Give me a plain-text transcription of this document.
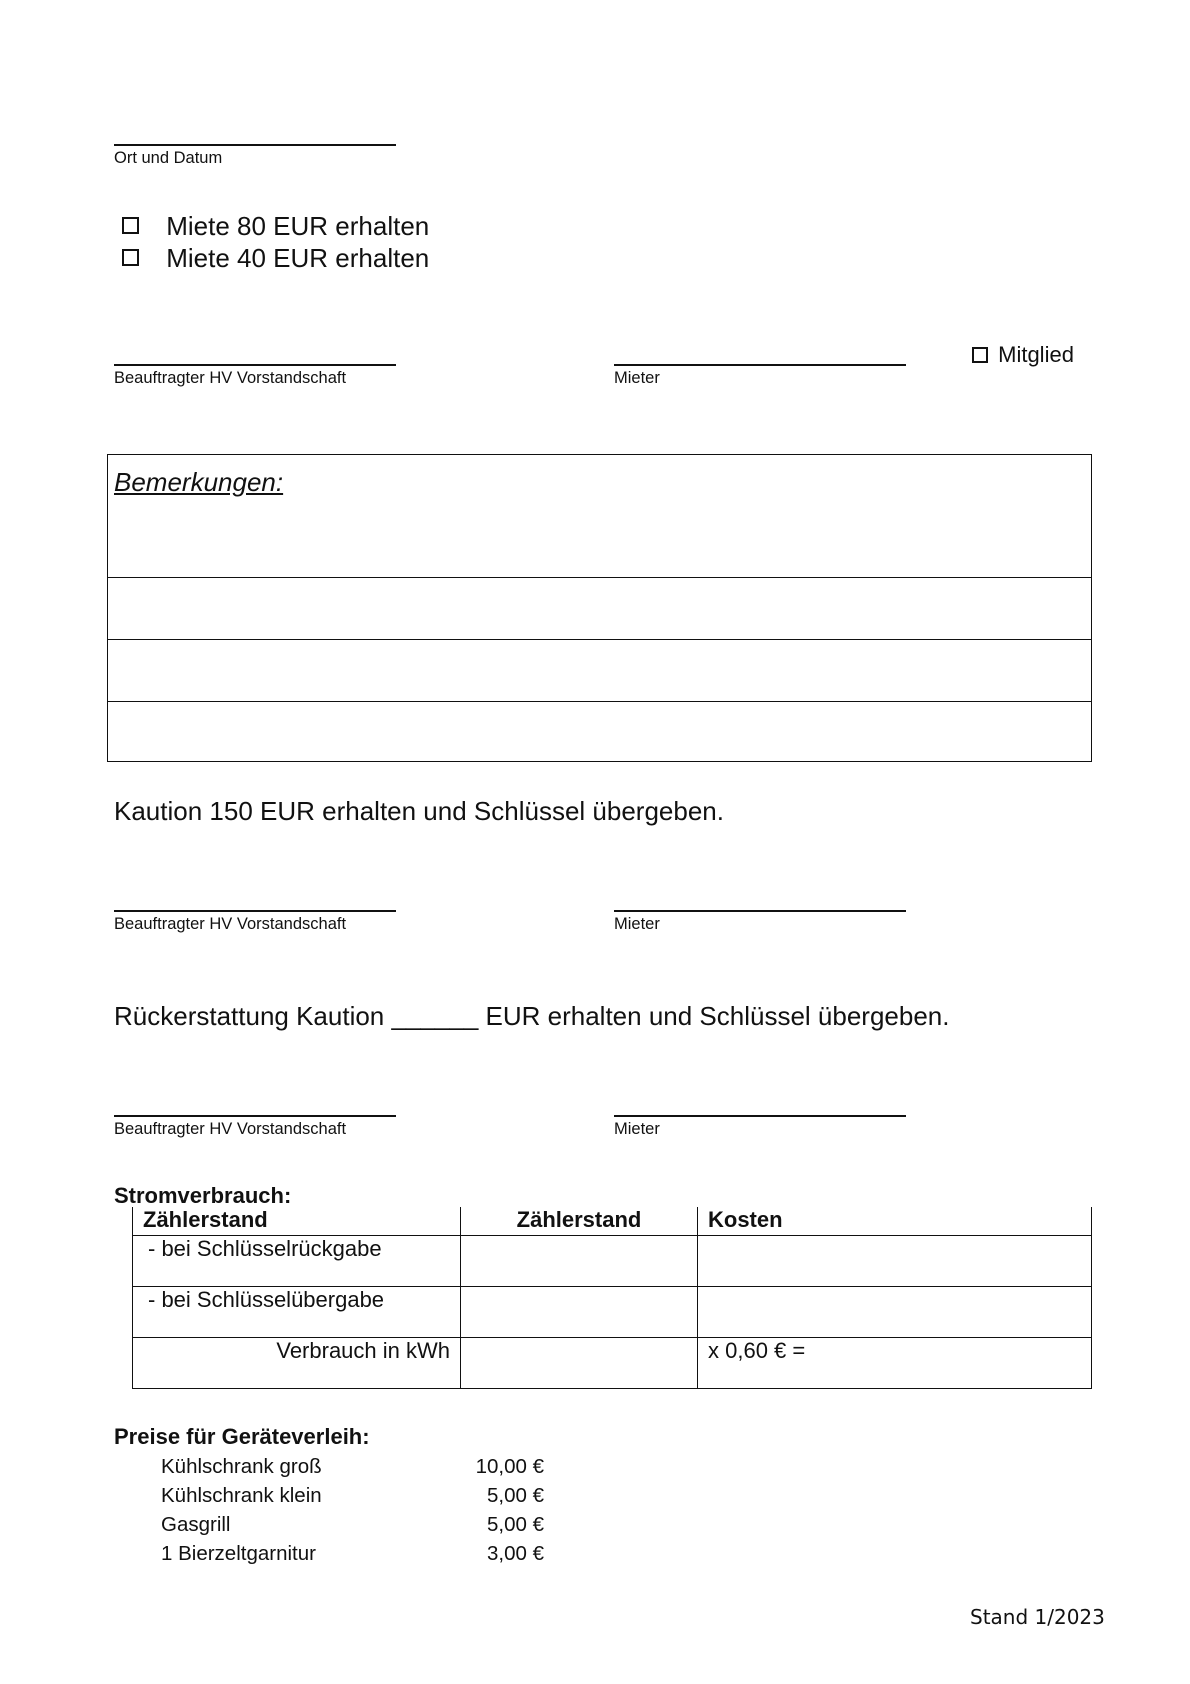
Ort und Datum
Miete 80 EUR erhalten
Miete 40 EUR erhalten
Beauftragter HV Vorstandschaft	Mieter
Mitglied
Bemerkungen:
Kaution 150 EUR erhalten und Schlüssel übergeben.
Beauftragter HV Vorstandschaft	Mieter
Rückerstattung Kaution ______ EUR erhalten und Schlüssel übergeben.
Beauftragter HV Vorstandschaft	Mieter
Stromverbrauch:
Zählerstand	Zählerstand	Kosten
- bei Schlüsselrückgabe		
- bei Schlüsselübergabe		
Verbrauch in kWh		x 0,60 € =
Preise für Geräteverleih:
Kühlschrank groß	10,00 €
Kühlschrank klein	5,00 €
Gasgrill	5,00 €
1 Bierzeltgarnitur	3,00 €
Stand 1/2023
